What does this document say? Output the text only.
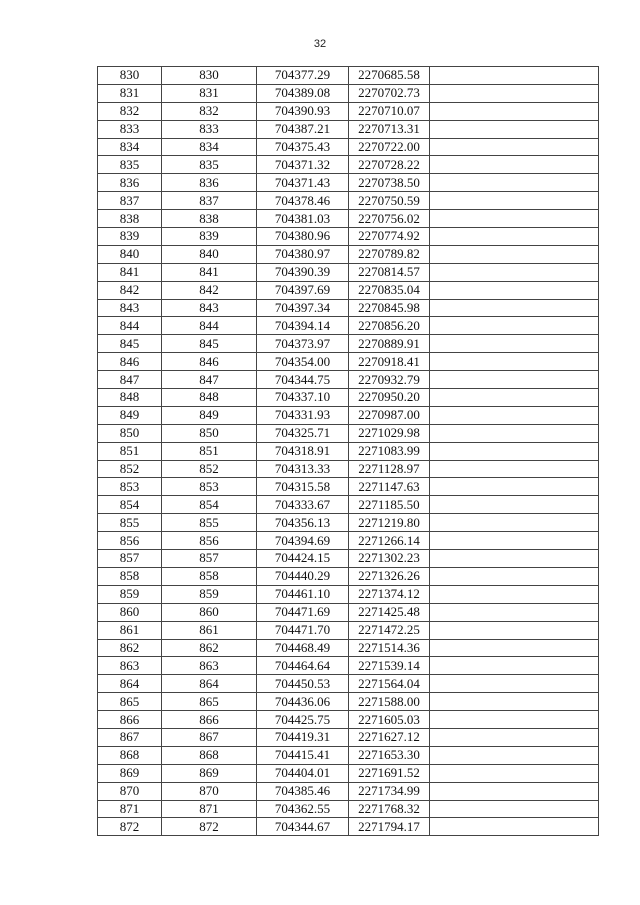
32
830	830	704377.29	2270685.58	
831	831	704389.08	2270702.73	
832	832	704390.93	2270710.07	
833	833	704387.21	2270713.31	
834	834	704375.43	2270722.00	
835	835	704371.32	2270728.22	
836	836	704371.43	2270738.50	
837	837	704378.46	2270750.59	
838	838	704381.03	2270756.02	
839	839	704380.96	2270774.92	
840	840	704380.97	2270789.82	
841	841	704390.39	2270814.57	
842	842	704397.69	2270835.04	
843	843	704397.34	2270845.98	
844	844	704394.14	2270856.20	
845	845	704373.97	2270889.91	
846	846	704354.00	2270918.41	
847	847	704344.75	2270932.79	
848	848	704337.10	2270950.20	
849	849	704331.93	2270987.00	
850	850	704325.71	2271029.98	
851	851	704318.91	2271083.99	
852	852	704313.33	2271128.97	
853	853	704315.58	2271147.63	
854	854	704333.67	2271185.50	
855	855	704356.13	2271219.80	
856	856	704394.69	2271266.14	
857	857	704424.15	2271302.23	
858	858	704440.29	2271326.26	
859	859	704461.10	2271374.12	
860	860	704471.69	2271425.48	
861	861	704471.70	2271472.25	
862	862	704468.49	2271514.36	
863	863	704464.64	2271539.14	
864	864	704450.53	2271564.04	
865	865	704436.06	2271588.00	
866	866	704425.75	2271605.03	
867	867	704419.31	2271627.12	
868	868	704415.41	2271653.30	
869	869	704404.01	2271691.52	
870	870	704385.46	2271734.99	
871	871	704362.55	2271768.32	
872	872	704344.67	2271794.17	
